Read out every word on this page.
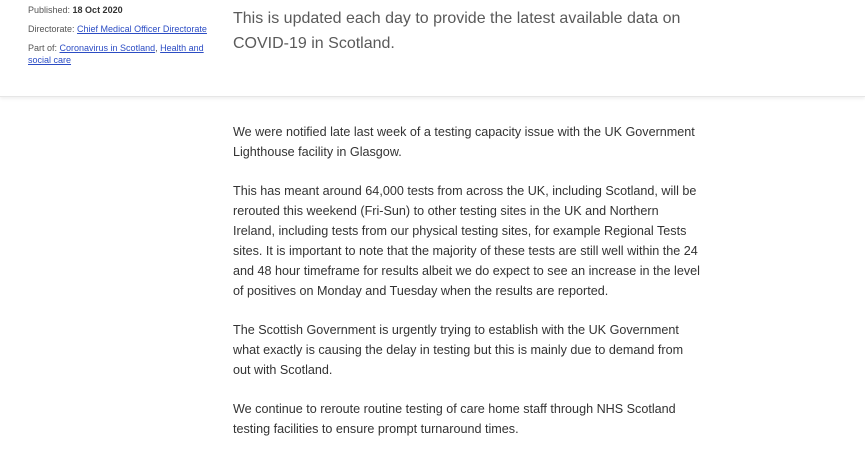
Published: 18 Oct 2020
Directorate: Chief Medical Officer Directorate
Part of: Coronavirus in Scotland, Health and social care
This is updated each day to provide the latest available data on COVID-19 in Scotland.

We were notified late last week of a testing capacity issue with the UK Government Lighthouse facility in Glasgow.

This has meant around 64,000 tests from across the UK, including Scotland, will be rerouted this weekend (Fri-Sun) to other testing sites in the UK and Northern Ireland, including tests from our physical testing sites, for example Regional Tests sites. It is important to note that the majority of these tests are still well within the 24 and 48 hour timeframe for results albeit we do expect to see an increase in the level of positives on Monday and Tuesday when the results are reported.

The Scottish Government is urgently trying to establish with the UK Government what exactly is causing the delay in testing but this is mainly due to demand from out with Scotland.

We continue to reroute routine testing of care home staff through NHS Scotland testing facilities to ensure prompt turnaround times.
